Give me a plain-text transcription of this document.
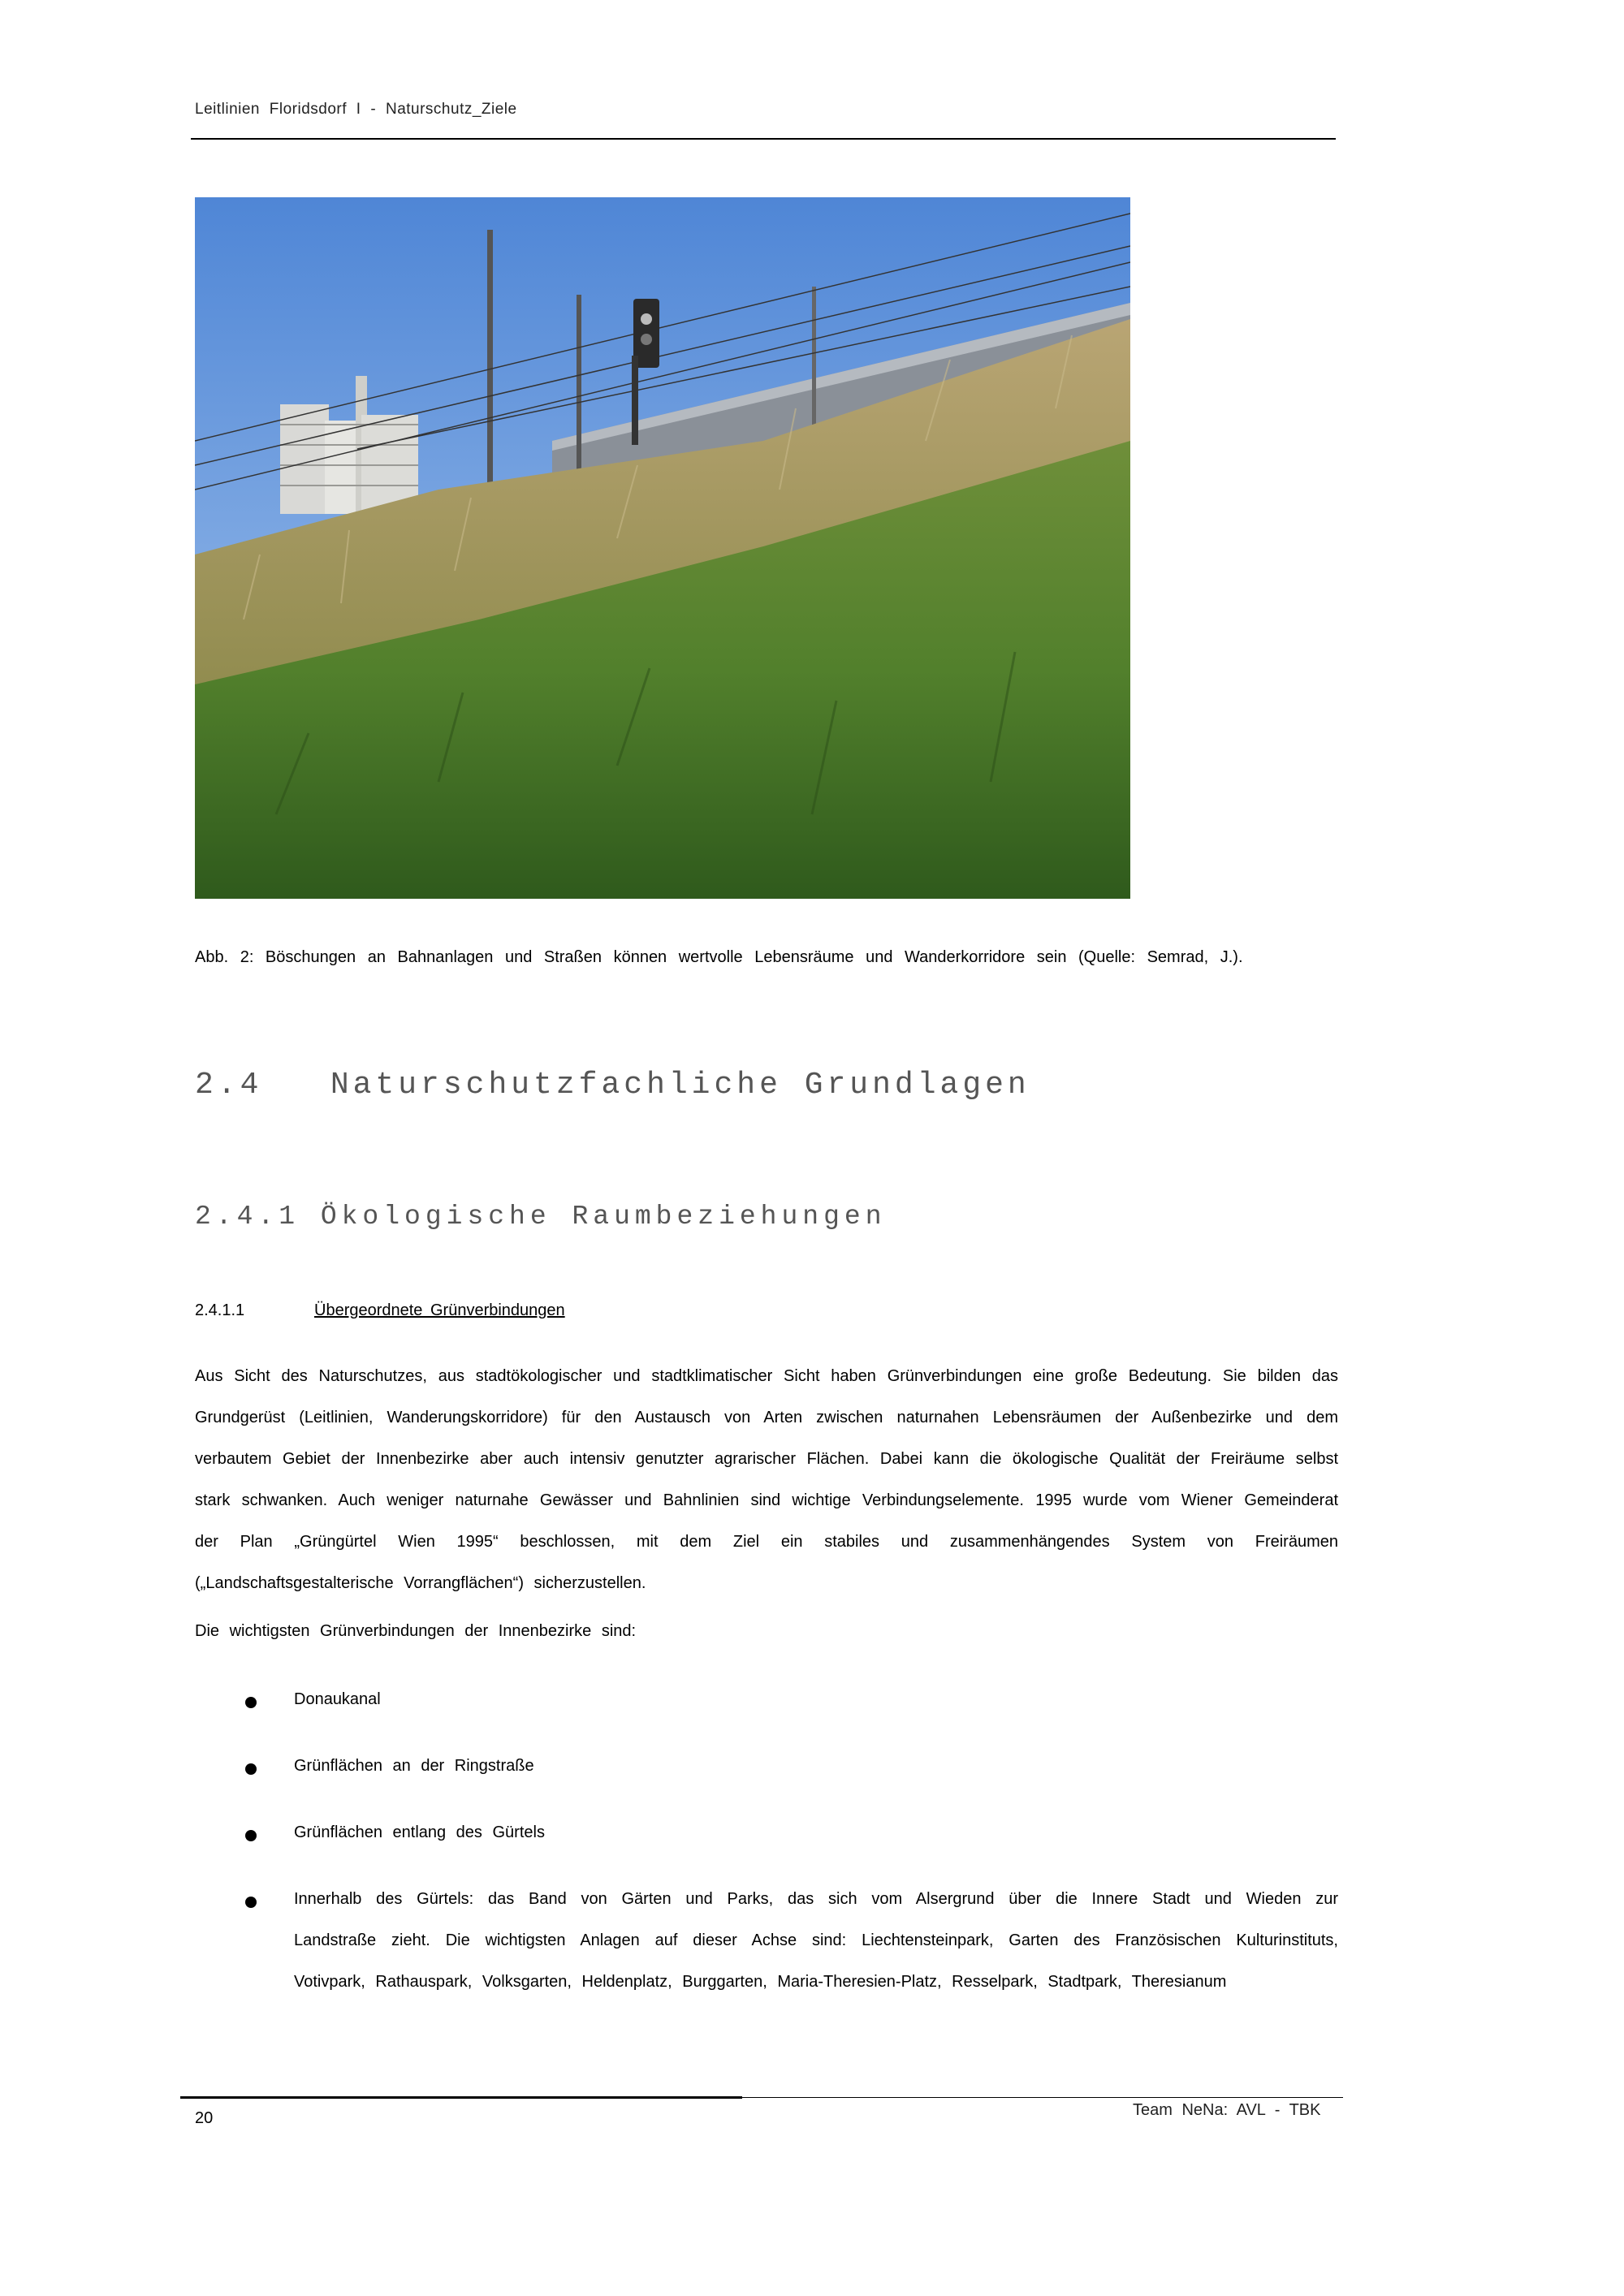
Leitlinien Floridsdorf I - Naturschutz_Ziele
Abb. 2: Böschungen an Bahnanlagen und Straßen können wertvolle Lebensräume und Wanderkorridore sein (Quelle: Semrad, J.).
2.4   Naturschutzfachliche Grundlagen
2.4.1 Ökologische Raumbeziehungen
2.4.1.1	Übergeordnete Grünverbindungen

Aus Sicht des Naturschutzes, aus stadtökologischer und stadtklimatischer Sicht haben Grünverbindungen eine große Bedeutung. Sie bilden das Grundgerüst (Leitlinien, Wanderungskorridore) für den Austausch von Arten zwischen naturnahen Lebensräumen der Außenbezirke und dem verbautem Gebiet der Innenbezirke aber auch intensiv genutzter agrarischer Flächen. Dabei kann die ökologische Qualität der Freiräume selbst stark schwanken. Auch weniger naturnahe Gewässer und Bahnlinien sind wichtige Verbindungselemente. 1995 wurde vom Wiener Gemeinderat der Plan „Grüngürtel Wien 1995“ beschlossen, mit dem Ziel ein stabiles und zusammenhängendes System von Freiräumen („Landschaftsgestalterische Vorrangflächen“) sicherzustellen.

Die wichtigsten Grünverbindungen der Innenbezirke sind:
Donaukanal
Grünflächen an der Ringstraße
Grünflächen entlang des Gürtels
Innerhalb des Gürtels: das Band von Gärten und Parks, das sich vom Alsergrund über die Innere Stadt und Wieden zur Landstraße zieht. Die wichtigsten Anlagen auf dieser Achse sind: Liechtensteinpark, Garten des Französischen Kulturinstituts, Votivpark, Rathauspark, Volksgarten, Heldenplatz, Burggarten, Maria-Theresien-Platz, Resselpark, Stadtpark, Theresianum
20	Team NeNa: AVL - TBK
